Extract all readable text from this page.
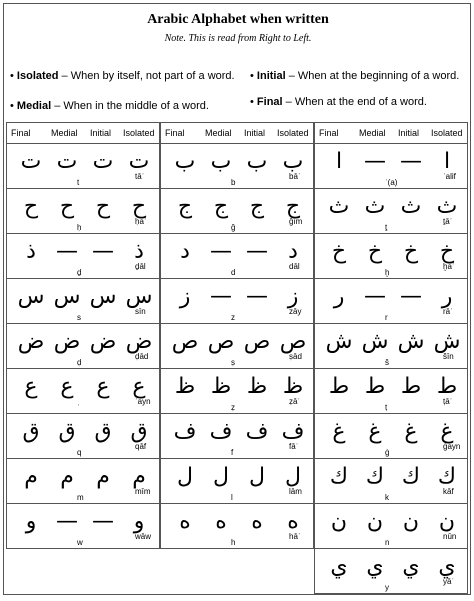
Arabic Alphabet when written
Note. This is read from Right to Left.
• Isolated – When by itself, not part of a word. • Initial – When at the beginning of a word.
• Medial – When in the middle of a word.	• Final – When at the end of a word.
Final Medial Initial Isolated
ت
ت
ت
ت
t
tāʾ
ح
ح
ح
ح
ḥ
ḥāʾ
ذ
—
—
ذ
ḏ
ḏāl
س
س
س
س
s
sīn
ض
ض
ض
ض
ḍ
ḍād
ع
ع
ع
ع
ʿ
ʿayn
ق
ق
ق
ق
q
qāf
م
م
م
م
m
mīm
و
—
—
و
w
wāw
Final Medial Initial Isolated
ب
ب
ب
ب
b
bāʾ
ج
ج
ج
ج
ğ
ğīm
د
—
—
د
d
dāl
ز
—
—
ز
z
zāy
ص
ص
ص
ص
ṣ
ṣād
ظ
ظ
ظ
ظ
ẓ
ẓāʾ
ف
ف
ف
ف
f
fāʾ
ل
ل
ل
ل
l
lām
ه
ه
ه
ه
h
hāʾ
Final Medial Initial Isolated
ا
—
—
ا
ʾ(a)
ʾalif
ث
ث
ث
ث
ṯ
ṯāʾ
خ
خ
خ
خ
ḫ
ḫāʾ
ر
—
—
ر
r
rāʾ
ش
ش
ش
ش
š
šīn
ط
ط
ط
ط
ṭ
ṭāʾ
غ
غ
غ
غ
ġ
ġayn
ك
ك
ك
ك
k
kāf
ن
ن
ن
ن
n
nūn
ي
ي
ي
ي
y
yāʾ
